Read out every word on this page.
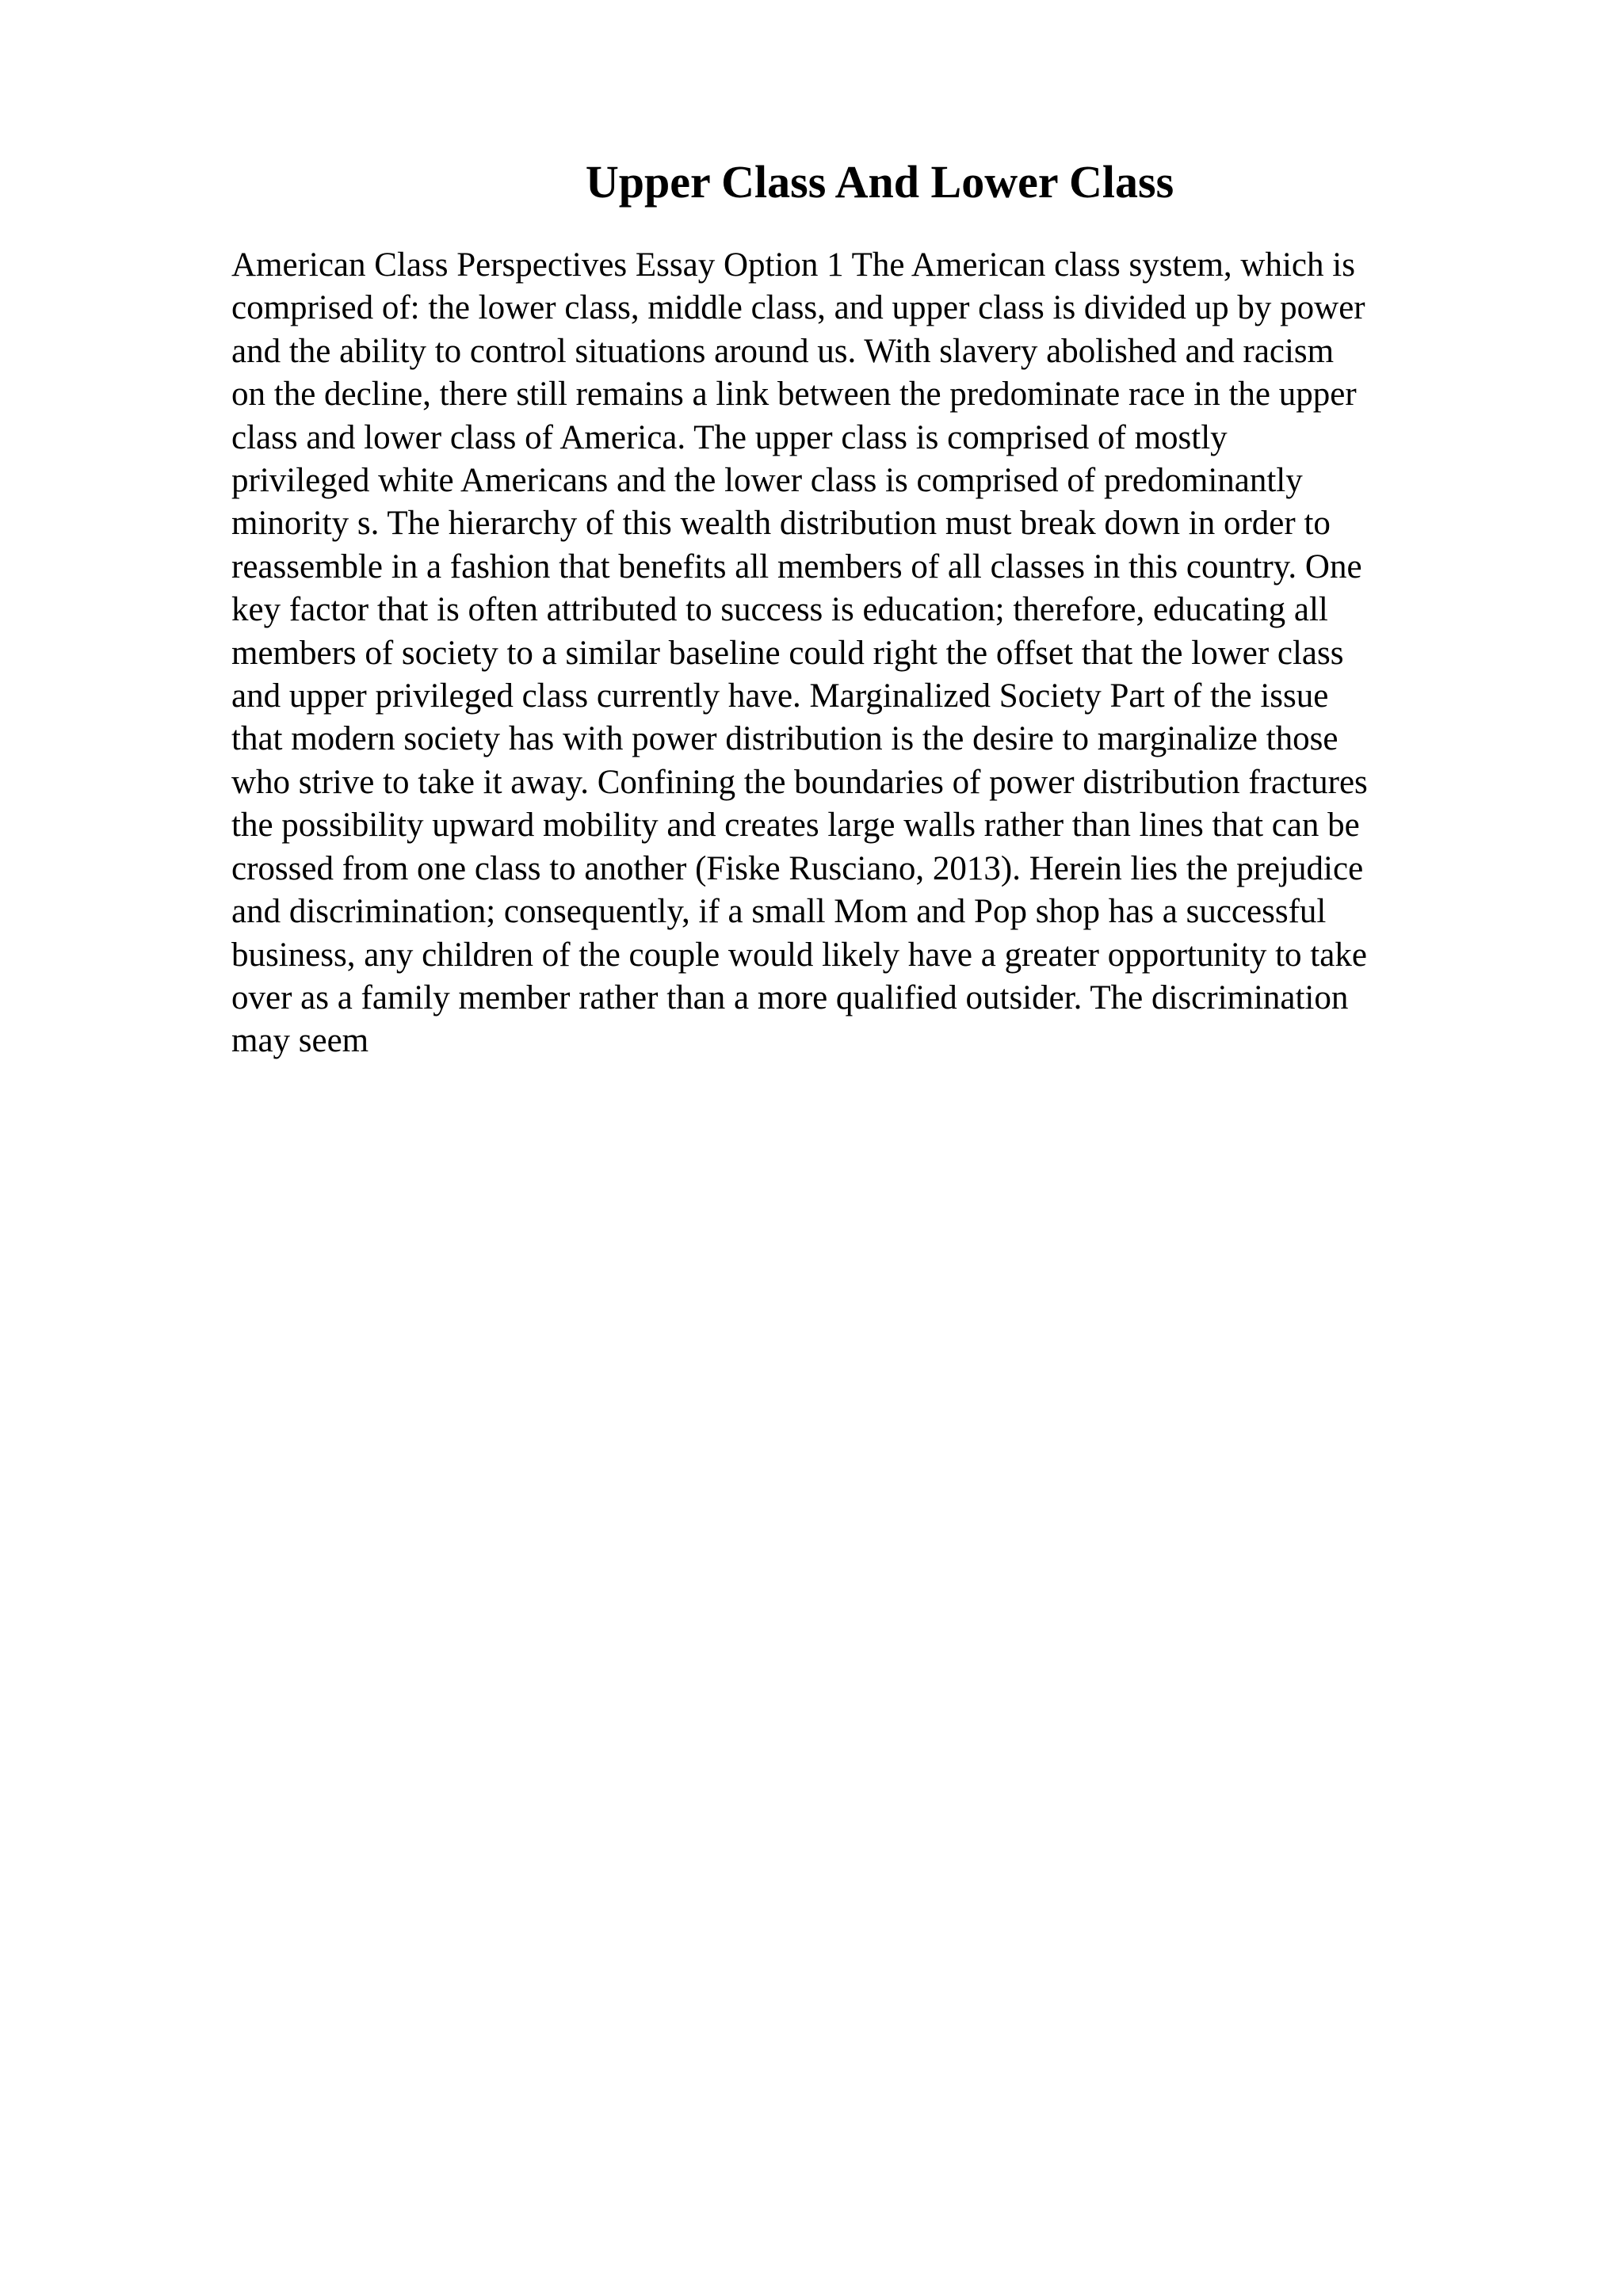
Upper Class And Lower Class
American Class Perspectives Essay Option 1 The American class system, which is
comprised of: the lower class, middle class, and upper class is divided up by power
and the ability to control situations around us. With slavery abolished and racism
on the decline, there still remains a link between the predominate race in the upper
class and lower class of America. The upper class is comprised of mostly
privileged white Americans and the lower class is comprised of predominantly
minority s. The hierarchy of this wealth distribution must break down in order to
reassemble in a fashion that benefits all members of all classes in this country. One
key factor that is often attributed to success is education; therefore, educating all
members of society to a similar baseline could right the offset that the lower class
and upper privileged class currently have. Marginalized Society Part of the issue
that modern society has with power distribution is the desire to marginalize those
who strive to take it away. Confining the boundaries of power distribution fractures
the possibility upward mobility and creates large walls rather than lines that can be
crossed from one class to another (Fiske Rusciano, 2013). Herein lies the prejudice
and discrimination; consequently, if a small Mom and Pop shop has a successful
business, any children of the couple would likely have a greater opportunity to take
over as a family member rather than a more qualified outsider. The discrimination
may seem
